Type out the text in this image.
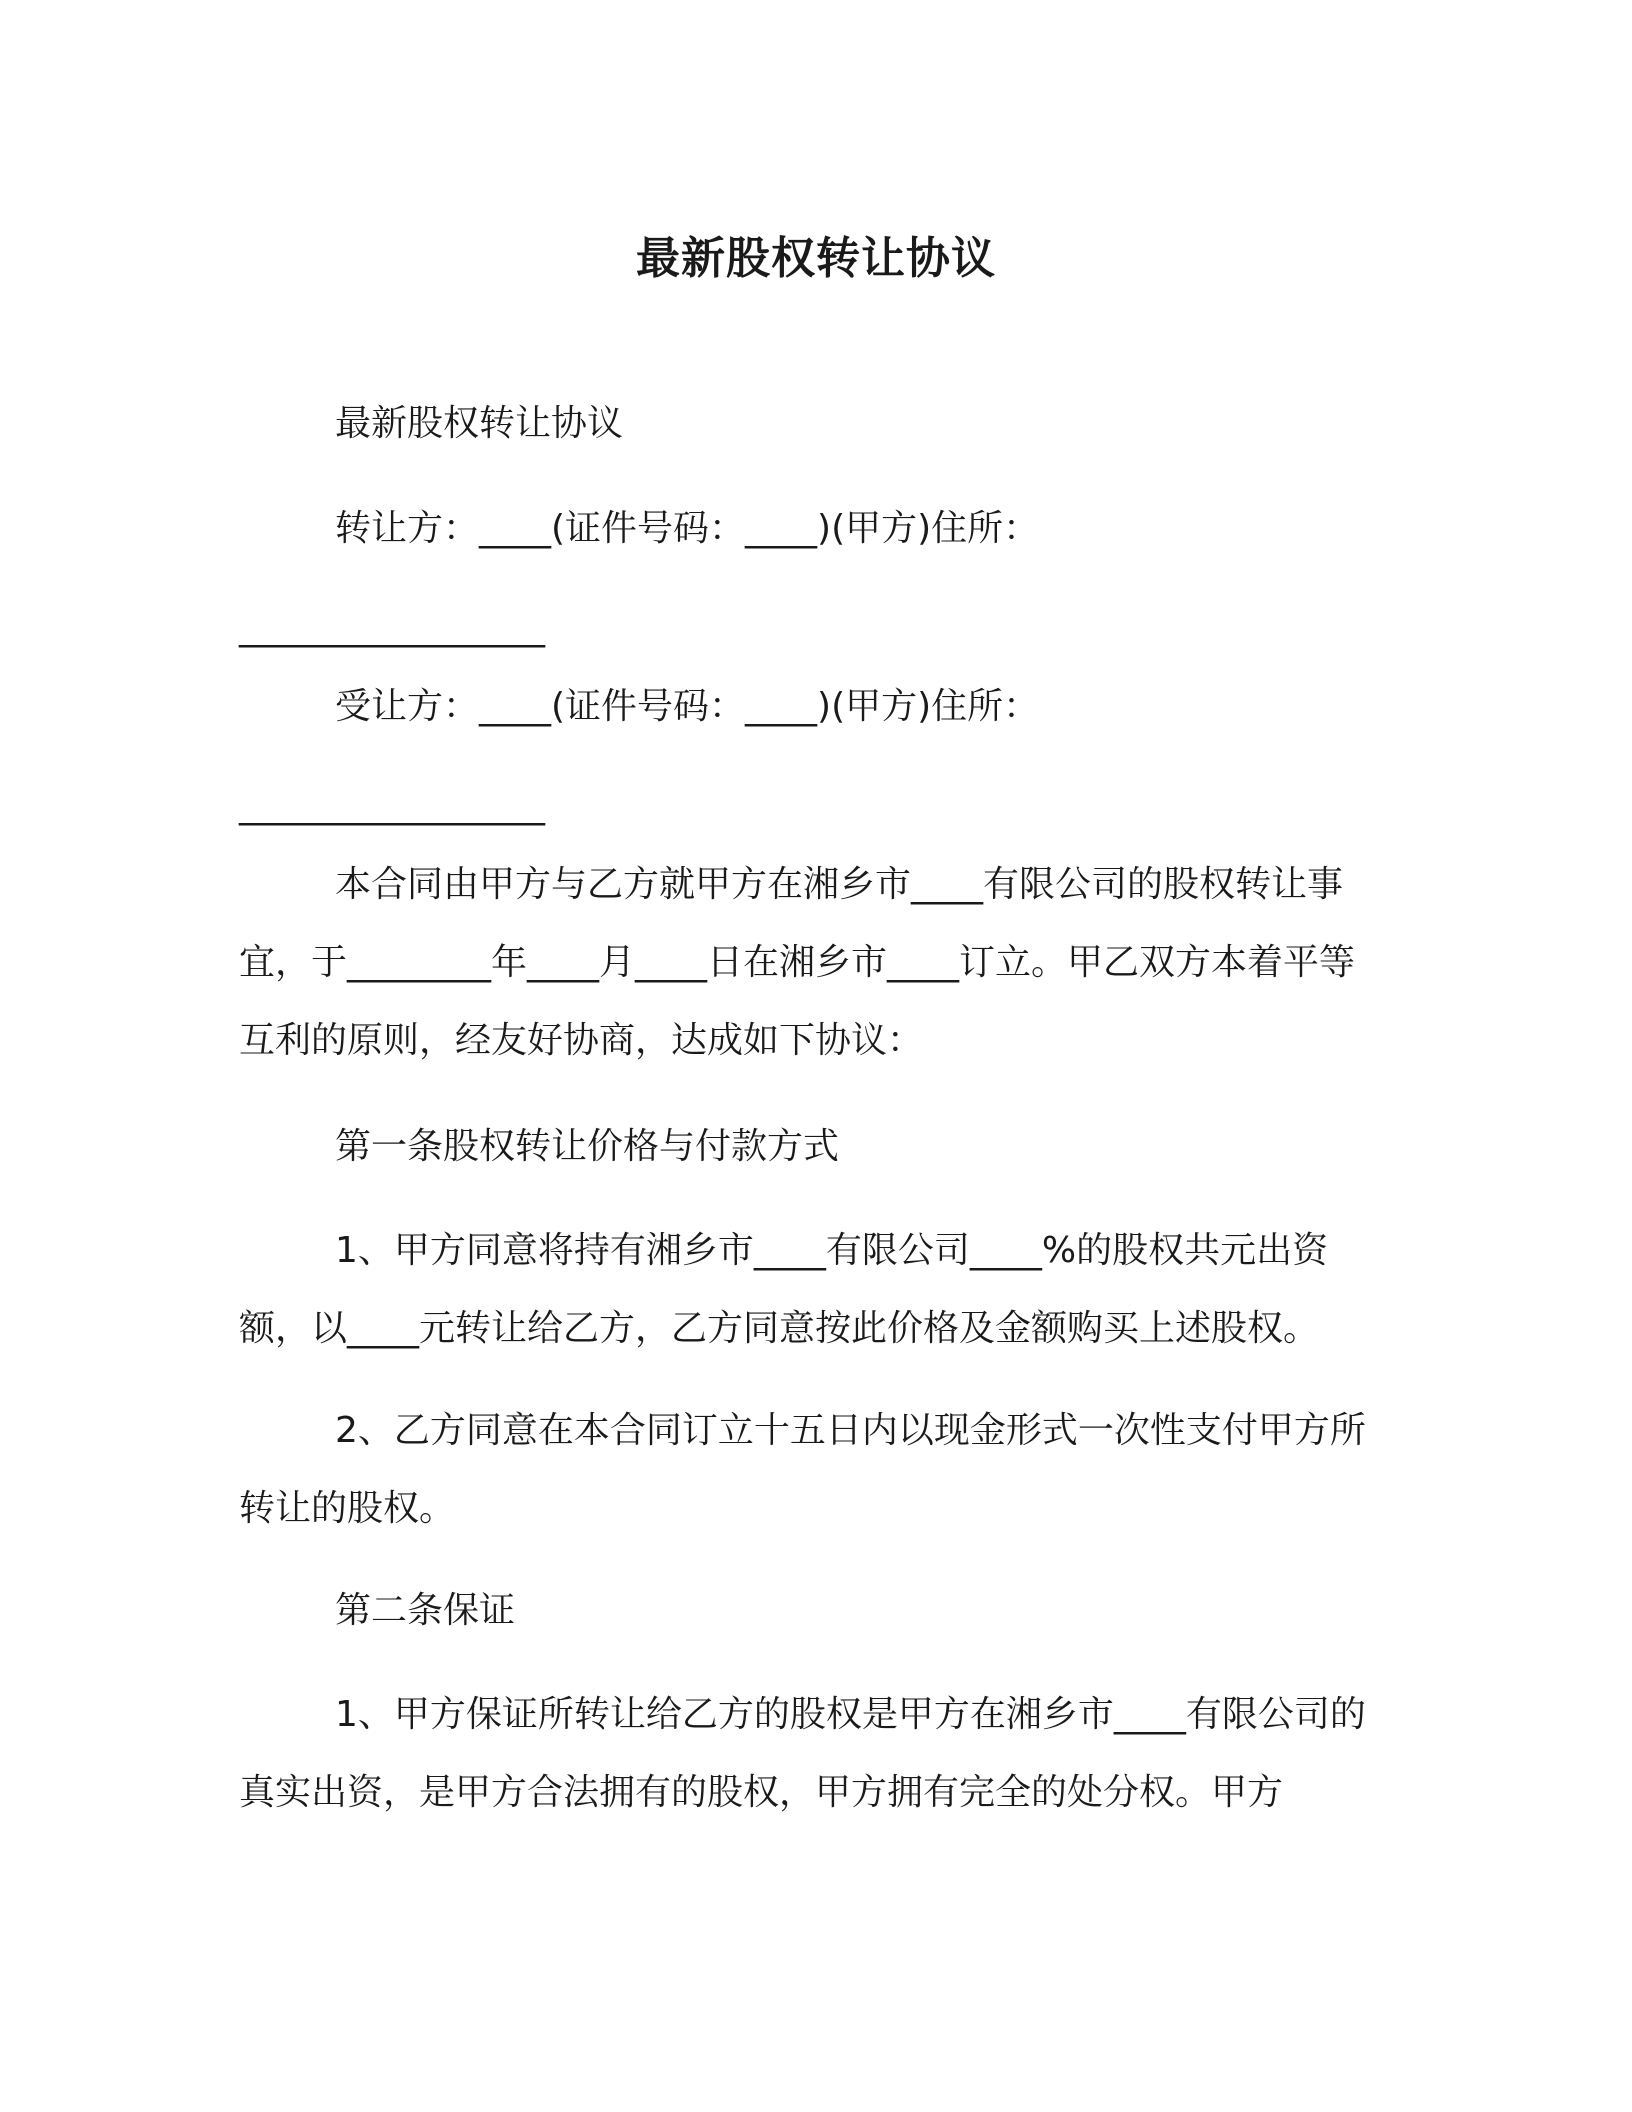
最新股权转让协议

最新股权转让协议

转让方：____(证件号码：____)(甲方)住所：

_________________

受让方：____(证件号码：____)(甲方)住所：

_________________

本合同由甲方与乙方就甲方在湘乡市____有限公司的股权转让事宜，于________年____月____日在湘乡市____订立。甲乙双方本着平等互利的原则，经友好协商，达成如下协议：

第一条股权转让价格与付款方式

1、甲方同意将持有湘乡市____有限公司____%的股权共元出资额，以____元转让给乙方，乙方同意按此价格及金额购买上述股权。

2、乙方同意在本合同订立十五日内以现金形式一次性支付甲方所转让的股权。

第二条保证

1、甲方保证所转让给乙方的股权是甲方在湘乡市____有限公司的真实出资，是甲方合法拥有的股权，甲方拥有完全的处分权。甲方
